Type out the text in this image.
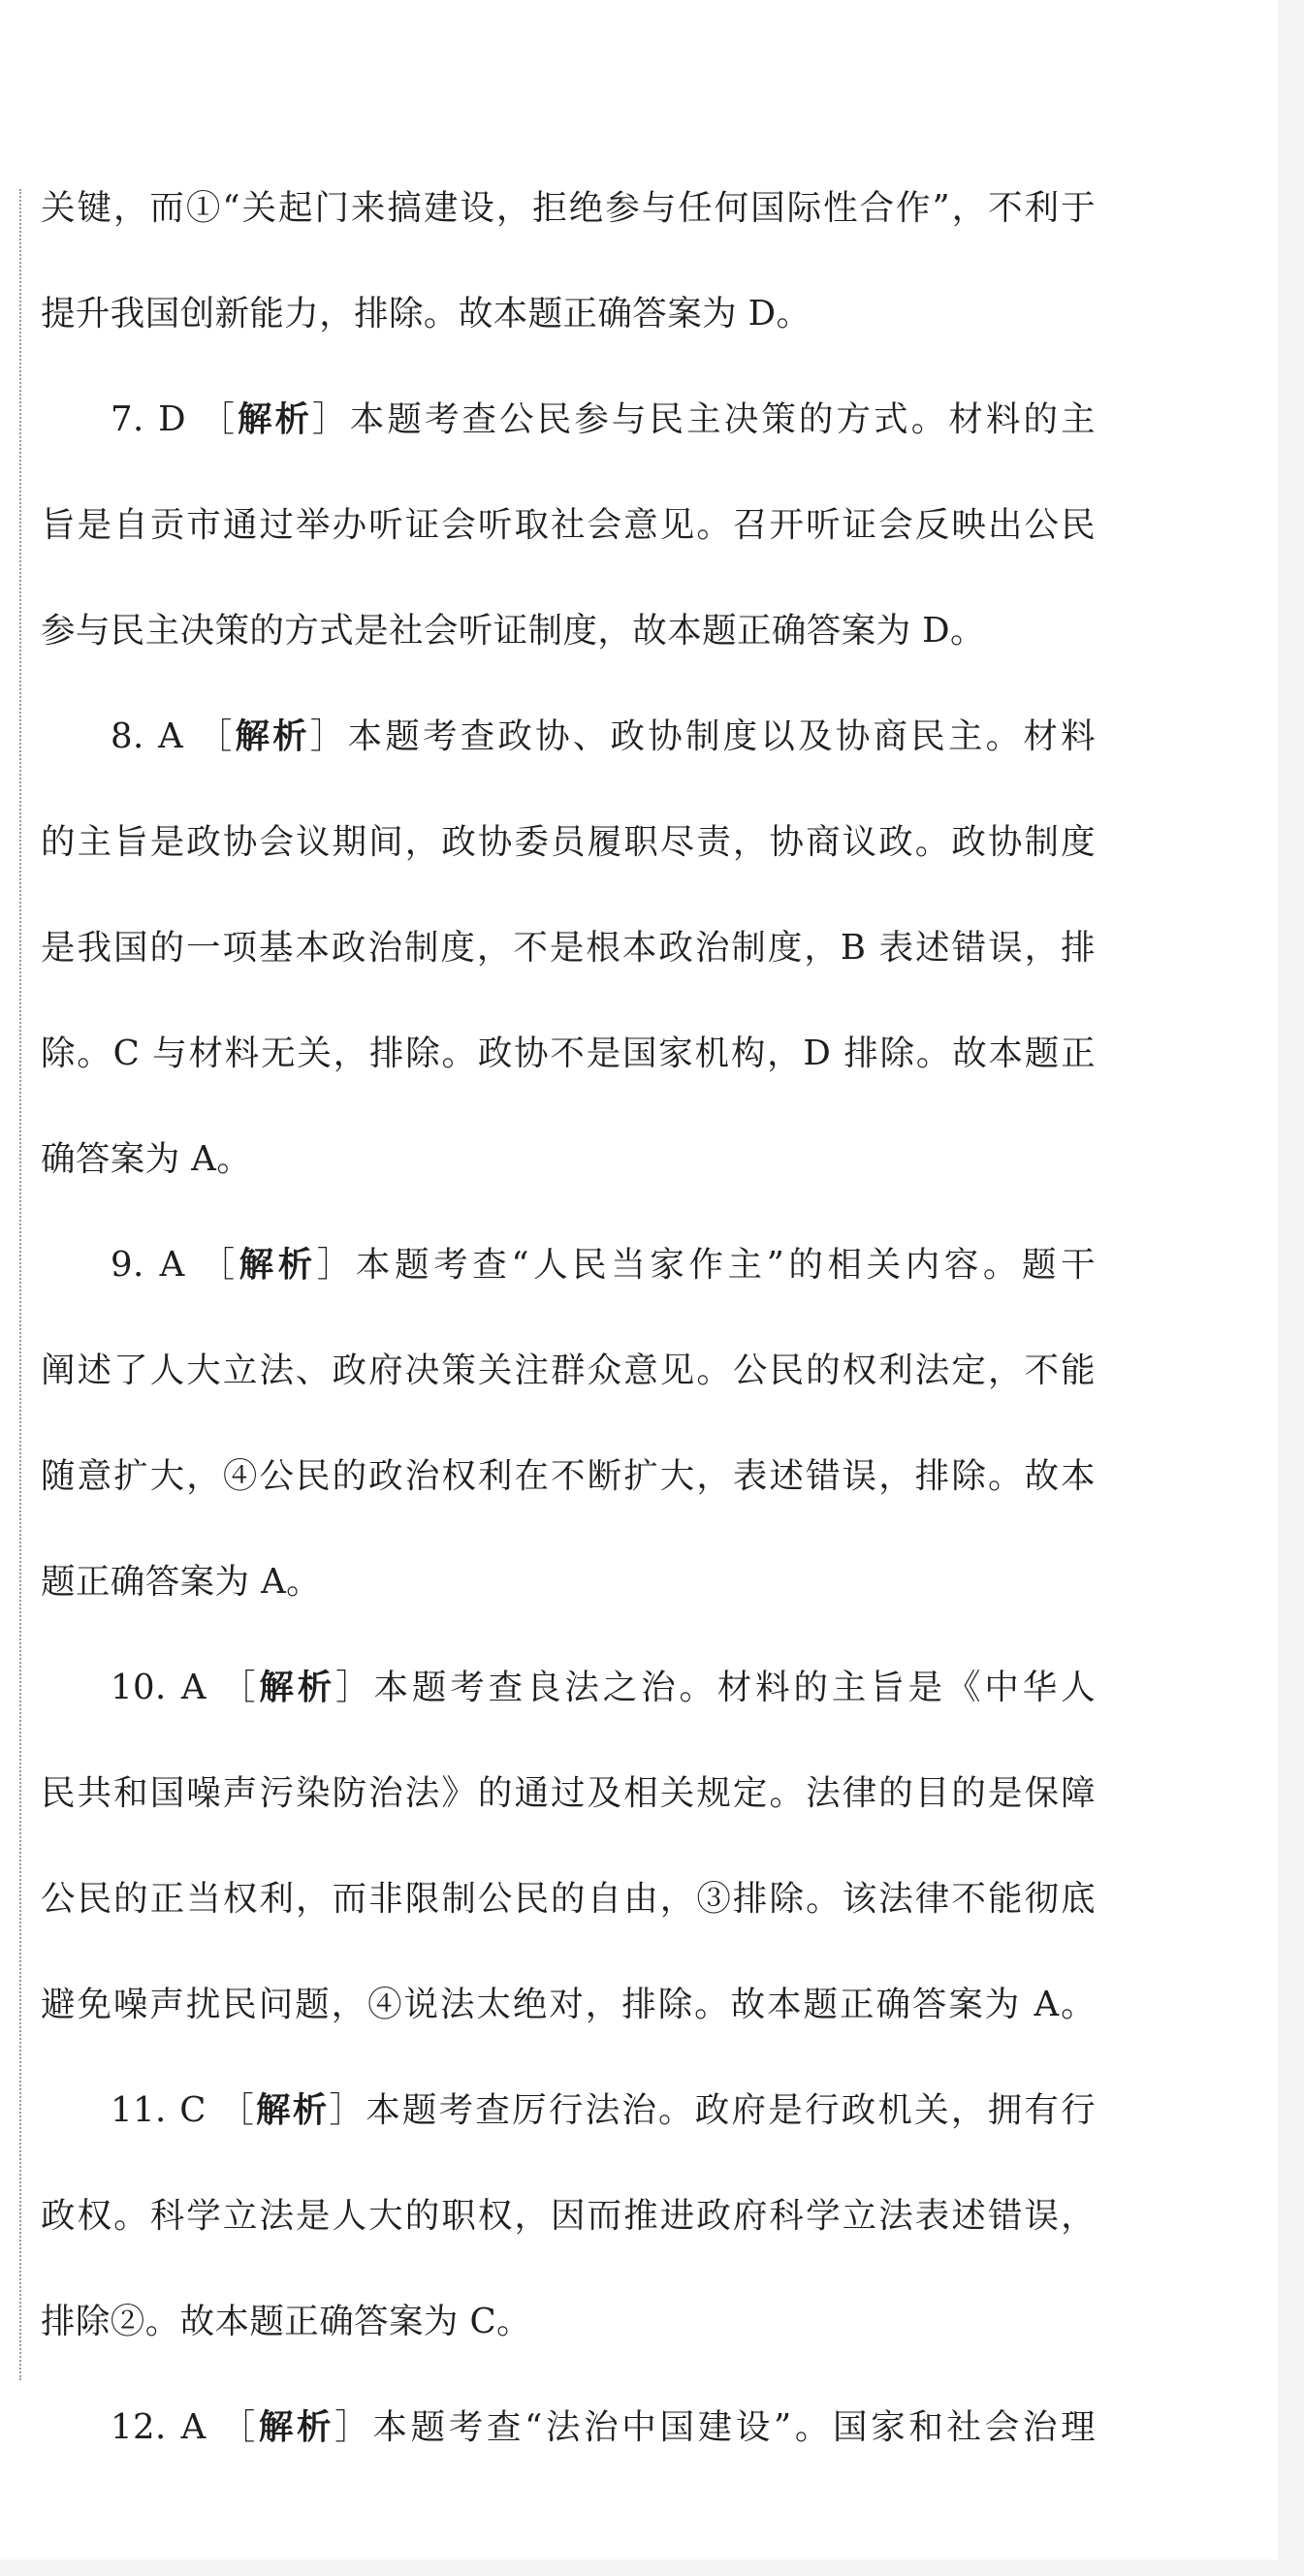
关键，而①“关起门来搞建设，拒绝参与任何国际性合作”，不利于
提升我国创新能力，排除。故本题正确答案为 D。
7. D ［解析］本题考查公民参与民主决策的方式。材料的主
旨是自贡市通过举办听证会听取社会意见。召开听证会反映出公民
参与民主决策的方式是社会听证制度，故本题正确答案为 D。
8. A ［解析］本题考查政协、政协制度以及协商民主。材料
的主旨是政协会议期间，政协委员履职尽责，协商议政。政协制度
是我国的一项基本政治制度，不是根本政治制度，B 表述错误，排
除。C 与材料无关，排除。政协不是国家机构，D 排除。故本题正
确答案为 A。
9. A ［解析］本题考查“人民当家作主”的相关内容。题干
阐述了人大立法、政府决策关注群众意见。公民的权利法定，不能
随意扩大，④公民的政治权利在不断扩大，表述错误，排除。故本
题正确答案为 A。
10. A ［解析］本题考查良法之治。材料的主旨是《中华人
民共和国噪声污染防治法》的通过及相关规定。法律的目的是保障
公民的正当权利，而非限制公民的自由，③排除。该法律不能彻底
避免噪声扰民问题，④说法太绝对，排除。故本题正确答案为 A。
11. C ［解析］本题考查厉行法治。政府是行政机关，拥有行
政权。科学立法是人大的职权，因而推进政府科学立法表述错误，
排除②。故本题正确答案为 C。
12. A ［解析］本题考查“法治中国建设”。国家和社会治理
